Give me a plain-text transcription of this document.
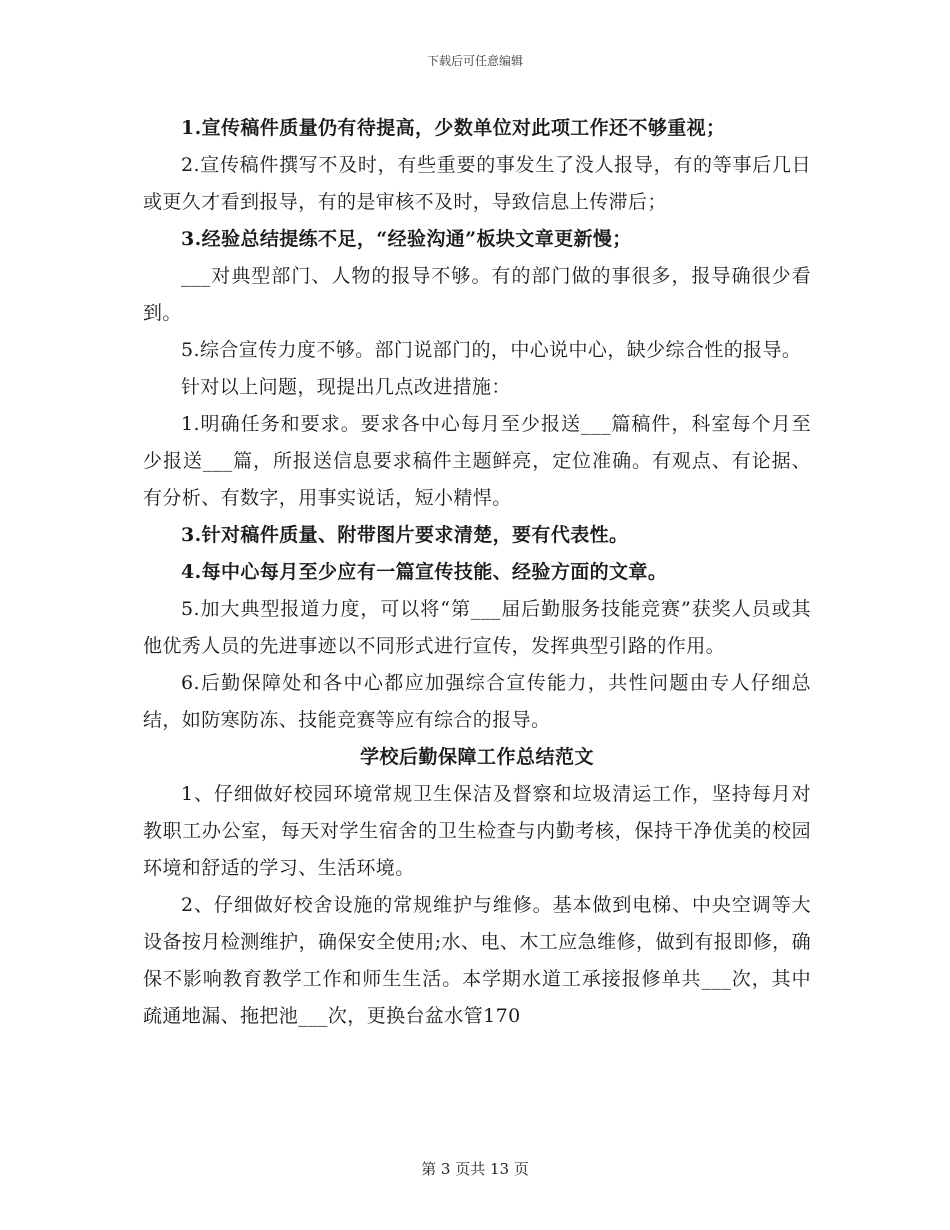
下载后可任意编辑

1.宣传稿件质量仍有待提高，少数单位对此项工作还不够重视；

2.宣传稿件撰写不及时，有些重要的事发生了没人报导，有的等事后几日或更久才看到报导，有的是审核不及时，导致信息上传滞后；

3.经验总结提练不足，“经验沟通”板块文章更新慢；

___对典型部门、人物的报导不够。有的部门做的事很多，报导确很少看到。

5.综合宣传力度不够。部门说部门的，中心说中心，缺少综合性的报导。

针对以上问题，现提出几点改进措施：

1.明确任务和要求。要求各中心每月至少报送___篇稿件，科室每个月至少报送___篇，所报送信息要求稿件主题鲜亮，定位准确。有观点、有论据、有分析、有数字，用事实说话，短小精悍。

3.针对稿件质量、附带图片要求清楚，要有代表性。

4.每中心每月至少应有一篇宣传技能、经验方面的文章。

5.加大典型报道力度，可以将“第___届后勤服务技能竞赛”获奖人员或其他优秀人员的先进事迹以不同形式进行宣传，发挥典型引路的作用。

6.后勤保障处和各中心都应加强综合宣传能力，共性问题由专人仔细总结，如防寒防冻、技能竞赛等应有综合的报导。

学校后勤保障工作总结范文

1、仔细做好校园环境常规卫生保洁及督察和垃圾清运工作，坚持每月对教职工办公室，每天对学生宿舍的卫生检查与内勤考核，保持干净优美的校园环境和舒适的学习、生活环境。

2、仔细做好校舍设施的常规维护与维修。基本做到电梯、中央空调等大设备按月检测维护，确保安全使用;水、电、木工应急维修，做到有报即修，确保不影响教育教学工作和师生生活。本学期水道工承接报修单共___次，其中疏通地漏、拖把池___次，更换台盆水管170

第 3 页共 13 页
